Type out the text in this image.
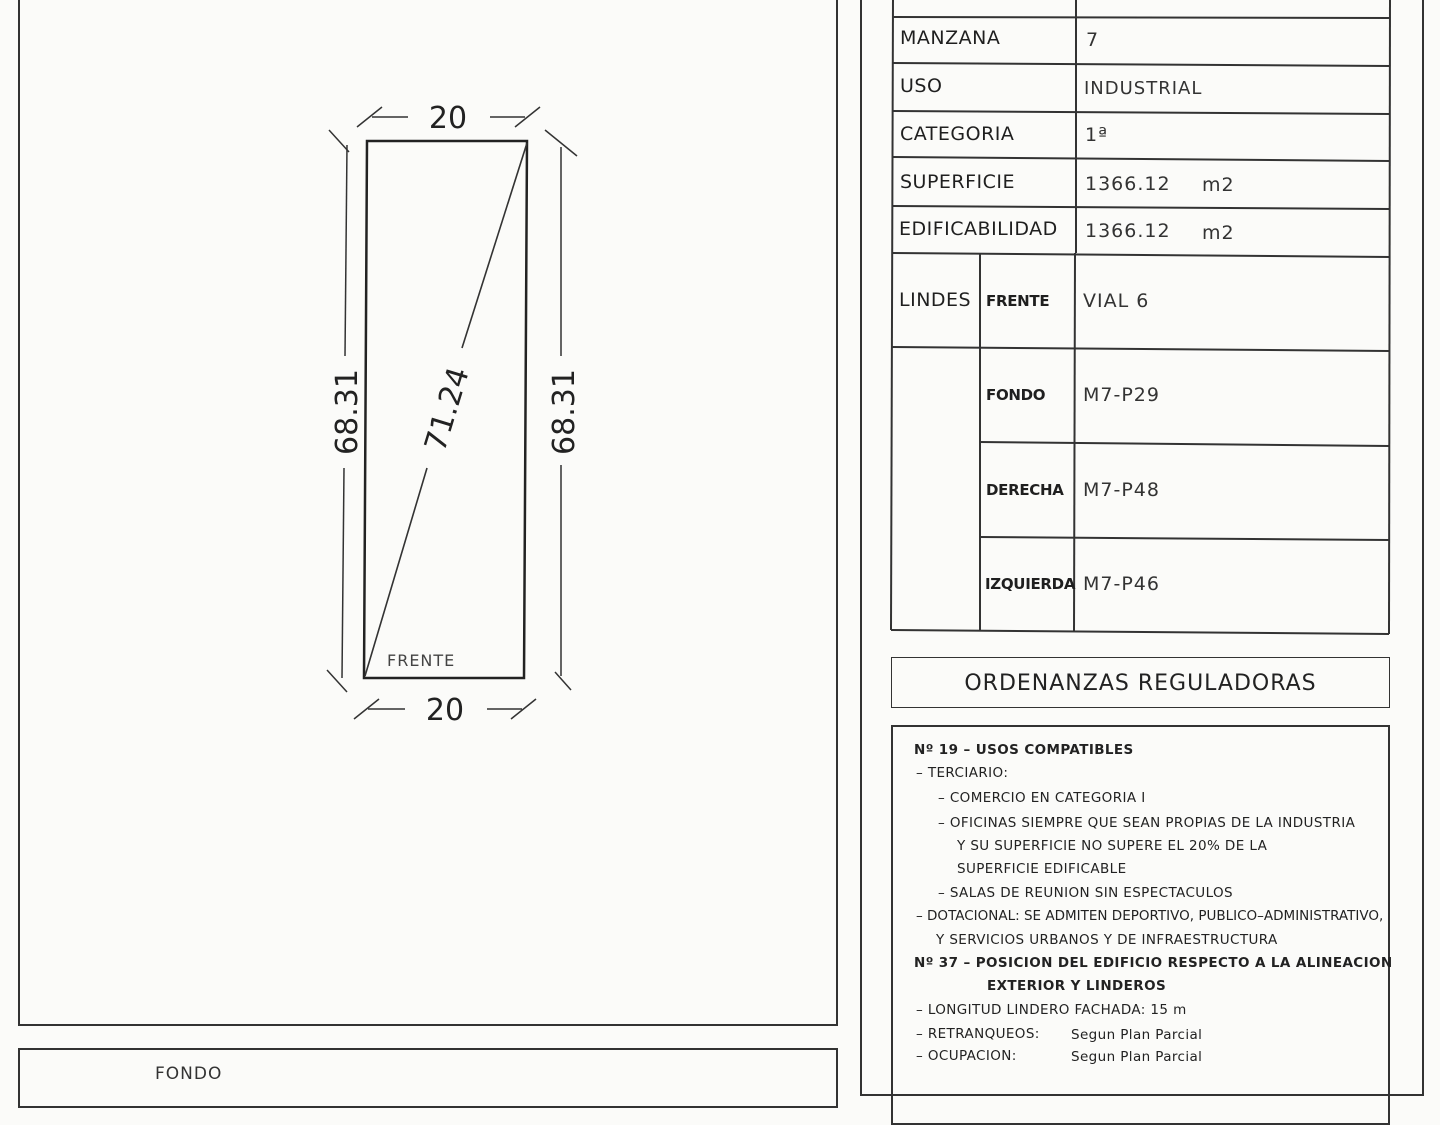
20
20
68.31	68.31
71.24
FRENTE
FONDO
MANZANA	7
USO	INDUSTRIAL
CATEGORIA	1ª
SUPERFICIE	1366.12 m2
EDIFICABILIDAD 1366.12 m2
LINDES FRENTE VIAL 6
FONDO M7-P29
DERECHA M7-P48
IZQUIERDA M7-P46
ORDENANZAS REGULADORAS
Nº 19 – USOS COMPATIBLES
– TERCIARIO:
– COMERCIO EN CATEGORIA I
– OFICINAS SIEMPRE QUE SEAN PROPIAS DE LA INDUSTRIA
Y SU SUPERFICIE NO SUPERE EL 20% DE LA
SUPERFICIE EDIFICABLE
– SALAS DE REUNION SIN ESPECTACULOS
– DOTACIONAL: SE ADMITEN DEPORTIVO, PUBLICO–ADMINISTRATIVO,
Y SERVICIOS URBANOS Y DE INFRAESTRUCTURA
Nº 37 – POSICION DEL EDIFICIO RESPECTO A LA ALINEACION
EXTERIOR Y LINDEROS
– LONGITUD LINDERO FACHADA: 15 m
– RETRANQUEOS: Segun Plan Parcial
– OCUPACION:	Segun Plan Parcial
